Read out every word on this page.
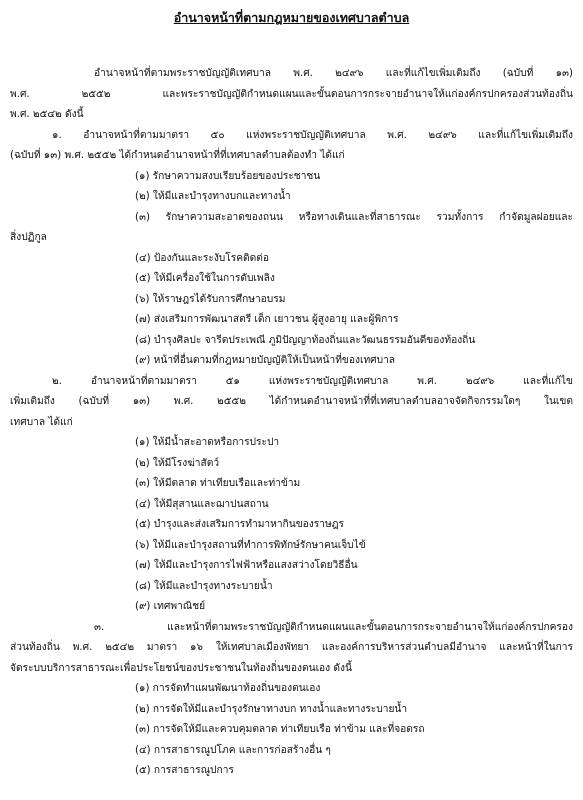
อำนาจหน้าที่ตามกฎหมายของเทศบาลตำบล
อำนาจหน้าที่ตามพระราชบัญญัติเทศบาล พ.ศ. ๒๔๙๖ และที่แก้ไขเพิ่มเติมถึง (ฉบับที่ ๑๓)
พ.ศ. ๒๕๕๒ และพระราชบัญญัติกำหนดแผนและขั้นตอนการกระจายอำนาจให้แก่องค์กรปกครองส่วนท้องถิ่น
พ.ศ. ๒๕๔๒ ดังนี้
๑. อำนาจหน้าที่ตามมาตรา ๕๐ แห่งพระราชบัญญัติเทศบาล พ.ศ. ๒๔๙๖ และที่แก้ไขเพิ่มเติมถึง
(ฉบับที่ ๑๓) พ.ศ. ๒๕๕๒ ได้กำหนดอำนาจหน้าที่ที่เทศบาลตำบลต้องทำ ได้แก่
(๑) รักษาความสงบเรียบร้อยของประชาชน
(๒) ให้มีและบำรุงทางบกและทางน้ำ
(๓) รักษาความสะอาดของถนน หรือทางเดินและที่สาธารณะ รวมทั้งการ กำจัดมูลฝอยและ
สิ่งปฏิกูล
(๔) ป้องกันและระงับโรคติดต่อ
(๕) ให้มีเครื่องใช้ในการดับเพลิง
(๖) ให้ราษฎรได้รับการศึกษาอบรม
(๗) ส่งเสริมการพัฒนาสตรี เด็ก เยาวชน ผู้สูงอายุ และผู้พิการ
(๘) บำรุงศิลปะ จารีตประเพณี ภูมิปัญญาท้องถิ่นและวัฒนธรรมอันดีของท้องถิ่น
(๙) หน้าที่อื่นตามที่กฎหมายบัญญัติให้เป็นหน้าที่ของเทศบาล
๒. อำนาจหน้าที่ตามมาตรา ๕๑ แห่งพระราชบัญญัติเทศบาล พ.ศ. ๒๔๙๖ และที่แก้ไข
เพิ่มเติมถึง (ฉบับที่ ๑๓) พ.ศ. ๒๕๕๒ ได้กำหนดอำนาจหน้าที่ที่เทศบาลตำบลอาจจัดกิจกรรมใดๆ ในเขต
เทศบาล ได้แก่
(๑) ให้มีน้ำสะอาดหรือการประปา
(๒) ให้มีโรงฆ่าสัตว์
(๓) ให้มีตลาด ท่าเทียบเรือและท่าข้าม
(๔) ให้มีสุสานและฌาปนสถาน
(๕) บำรุงและส่งเสริมการทำมาหากินของราษฎร
(๖) ให้มีและบำรุงสถานที่ทำการพิทักษ์รักษาคนเจ็บไข้
(๗) ให้มีและบำรุงการไฟฟ้าหรือแสงสว่างโดยวิธีอื่น
(๘) ให้มีและบำรุงทางระบายน้ำ
(๙) เทศพาณิชย์
๓. และหน้าที่ตามพระราชบัญญัติกำหนดแผนและขั้นตอนการกระจายอำนาจให้แก่องค์กรปกครอง
ส่วนท้องถิ่น พ.ศ. ๒๕๔๒ มาตรา ๑๖ ให้เทศบาลเมืองพัทยา และองค์การบริหารส่วนตำบลมีอำนาจ และหน้าที่ในการ
จัดระบบบริการสาธารณะเพื่อประโยชน์ของประชาชนในท้องถิ่นของตนเอง ดังนี้
(๑) การจัดทำแผนพัฒนาท้องถิ่นของตนเอง
(๒) การจัดให้มีและบำรุงรักษาทางบก ทางน้ำและทางระบายน้ำ
(๓) การจัดให้มีและควบคุมตลาด ท่าเทียบเรือ ท่าข้าม และที่จอดรถ
(๔) การสาธารณูปโภค และการก่อสร้างอื่น ๆ
(๕) การสาธารณูปการ
